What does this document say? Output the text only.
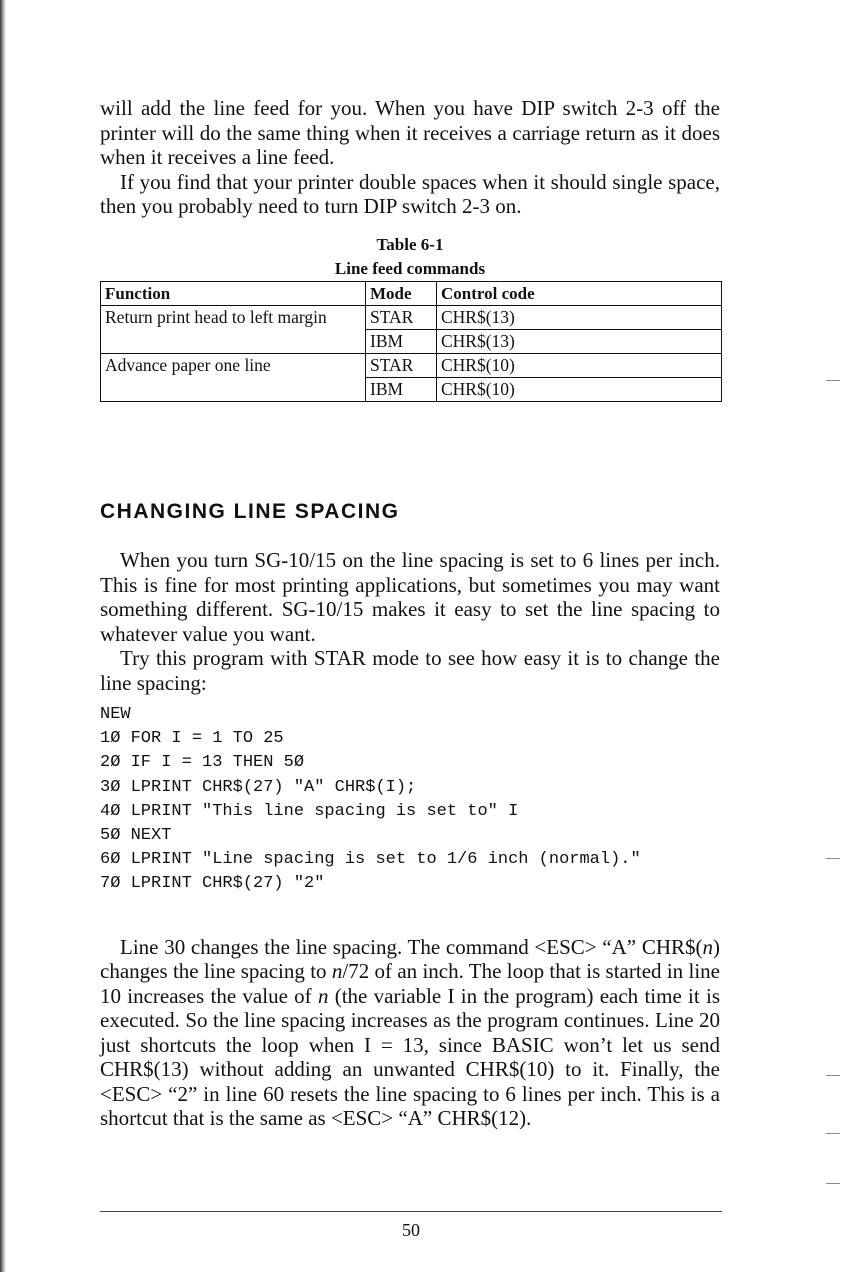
will add the line feed for you. When you have DIP switch 2-3 off the printer will do the same thing when it receives a carriage return as it does when it receives a line feed.

If you find that your printer double spaces when it should single space, then you probably need to turn DIP switch 2-3 on.

Table 6-1

Line feed commands

Function	Mode	Control code
Return print head to left margin	STAR	CHR$(13)
	IBM	CHR$(13)
Advance paper one line	STAR	CHR$(10)
	IBM	CHR$(10)
CHANGING LINE SPACING

When you turn SG-10/15 on the line spacing is set to 6 lines per inch. This is fine for most printing applications, but sometimes you may want something different. SG-10/15 makes it easy to set the line spacing to whatever value you want.

Try this program with STAR mode to see how easy it is to change the line spacing:

NEW
1Ø FOR I = 1 TO 25
2Ø IF I = 13 THEN 5Ø
3Ø LPRINT CHR$(27) "A" CHR$(I);
4Ø LPRINT "This line spacing is set to" I
5Ø NEXT
6Ø LPRINT "Line spacing is set to 1/6 inch (normal)."
7Ø LPRINT CHR$(27) "2"

Line 30 changes the line spacing. The command <ESC> “A” CHR$(n) changes the line spacing to n/72 of an inch. The loop that is started in line 10 increases the value of n (the variable I in the program) each time it is executed. So the line spacing increases as the program continues. Line 20 just shortcuts the loop when I = 13, since BASIC won’t let us send CHR$(13) without adding an unwanted CHR$(10) to it. Finally, the <ESC> “2” in line 60 resets the line spacing to 6 lines per inch. This is a shortcut that is the same as <ESC> “A” CHR$(12).

50
